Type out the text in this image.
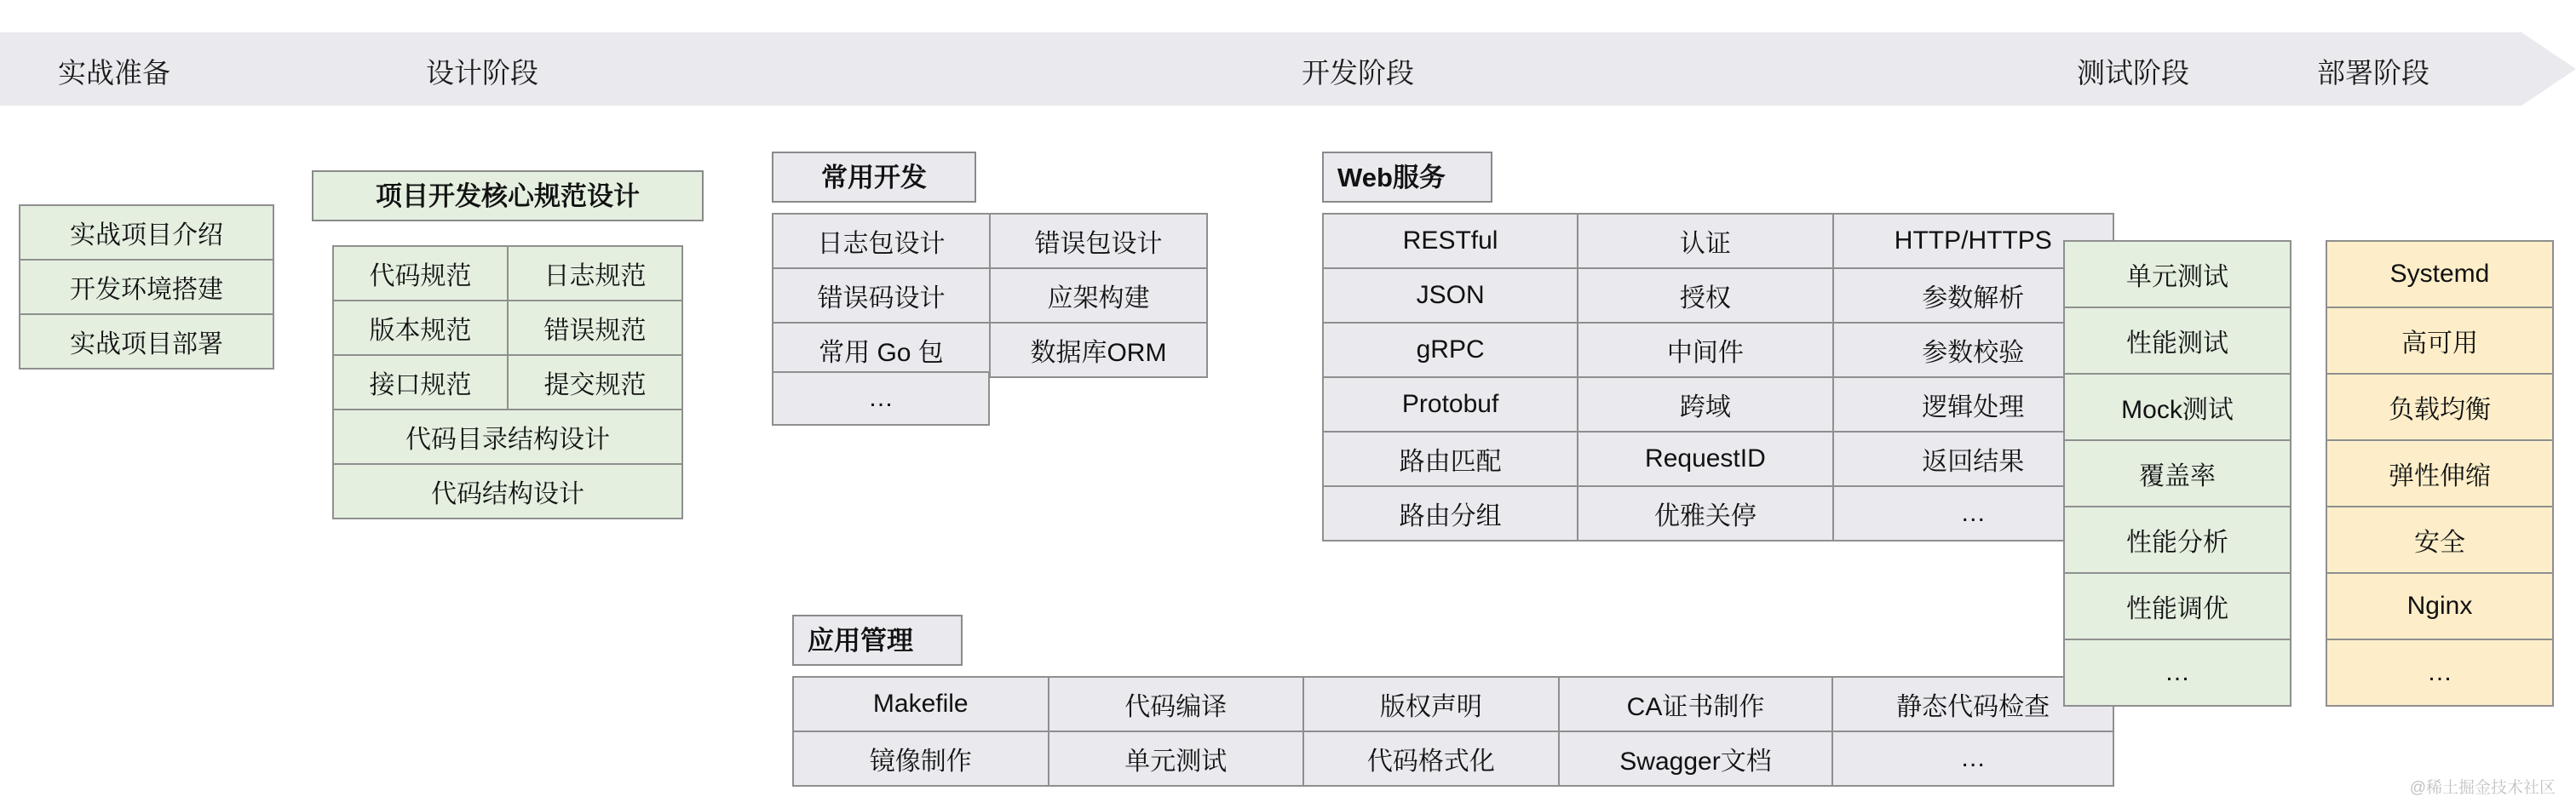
实战准备	设计阶段	开发阶段	测试阶段	部署阶段
实战项目介绍
开发环境搭建
实战项目部署
项目开发核心规范设计
代码规范	日志规范
版本规范	错误规范
接口规范	提交规范
代码目录结构设计	
代码结构设计	
常用开发
日志包设计	错误包设计
错误码设计	应架构建
常用 Go 包	数据库ORM
…
Web服务
RESTful	认证	HTTP/HTTPS
JSON	授权	参数解析
gRPC	中间件	参数校验
Protobuf	跨域	逻辑处理
路由匹配	RequestID	返回结果
路由分组	优雅关停	…
应用管理
Makefile	代码编译	版权声明	CA证书制作	静态代码检查
镜像制作	单元测试	代码格式化	Swagger文档	…
单元测试
性能测试
Mock测试
覆盖率
性能分析
性能调优
…
Systemd
高可用
负载均衡
弹性伸缩
安全
Nginx
…
@稀土掘金技术社区
